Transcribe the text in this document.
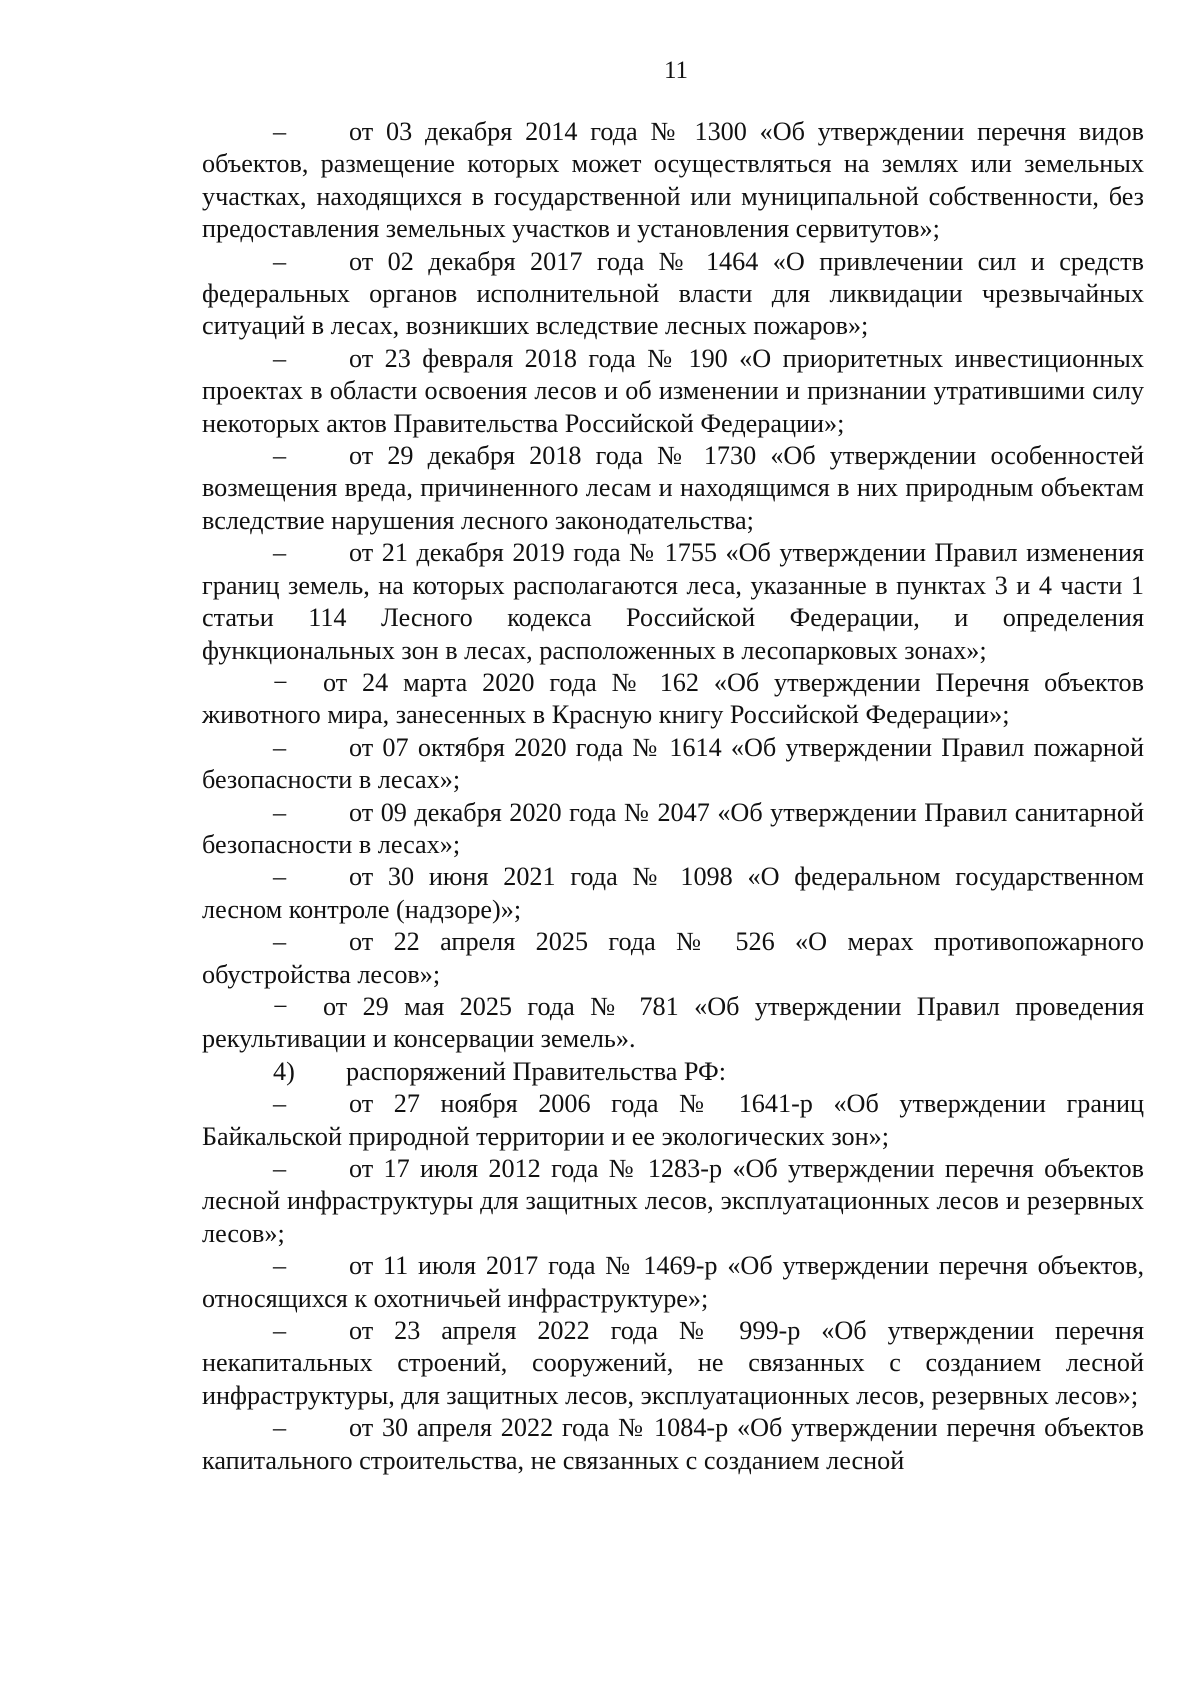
11

– от 03 декабря 2014 года № 1300 «Об утверждении перечня видов объектов, размещение которых может осуществляться на землях или земельных участках, находящихся в государственной или муниципальной собственности, без предоставления земельных участков и установления сервитутов»;

– от 02 декабря 2017 года № 1464 «О привлечении сил и средств федеральных органов исполнительной власти для ликвидации чрезвычайных ситуаций в лесах, возникших вследствие лесных пожаров»;

– от 23 февраля 2018 года № 190 «О приоритетных инвестиционных проектах в области освоения лесов и об изменении и признании утратившими силу некоторых актов Правительства Российской Федерации»;

– от 29 декабря 2018 года № 1730 «Об утверждении особенностей возмещения вреда, причиненного лесам и находящимся в них природным объектам вследствие нарушения лесного законодательства;

– от 21 декабря 2019 года № 1755 «Об утверждении Правил изменения границ земель, на которых располагаются леса, указанные в пунктах 3 и 4 части 1 статьи 114 Лесного кодекса Российской Федерации, и определения функциональных зон в лесах, расположенных в лесопарковых зонах»;

− от 24 марта 2020 года № 162 «Об утверждении Перечня объектов животного мира, занесенных в Красную книгу Российской Федерации»;

– от 07 октября 2020 года № 1614 «Об утверждении Правил пожарной безопасности в лесах»;

– от 09 декабря 2020 года № 2047 «Об утверждении Правил санитарной безопасности в лесах»;

– от 30 июня 2021 года № 1098 «О федеральном государственном лесном контроле (надзоре)»;

– от 22 апреля 2025 года № 526 «О мерах противопожарного обустройства лесов»;

− от 29 мая 2025 года № 781 «Об утверждении Правил проведения рекультивации и консервации земель».

4) распоряжений Правительства РФ:

– от 27 ноября 2006 года № 1641-р «Об утверждении границ Байкальской природной территории и ее экологических зон»;

– от 17 июля 2012 года № 1283-р «Об утверждении перечня объектов лесной инфраструктуры для защитных лесов, эксплуатационных лесов и резервных лесов»;

– от 11 июля 2017 года № 1469-р «Об утверждении перечня объектов, относящихся к охотничьей инфраструктуре»;

– от 23 апреля 2022 года № 999-р «Об утверждении перечня некапитальных строений, сооружений, не связанных с созданием лесной инфраструктуры, для защитных лесов, эксплуатационных лесов, резервных лесов»;

– от 30 апреля 2022 года № 1084-р «Об утверждении перечня объектов капитального строительства, не связанных с созданием лесной
